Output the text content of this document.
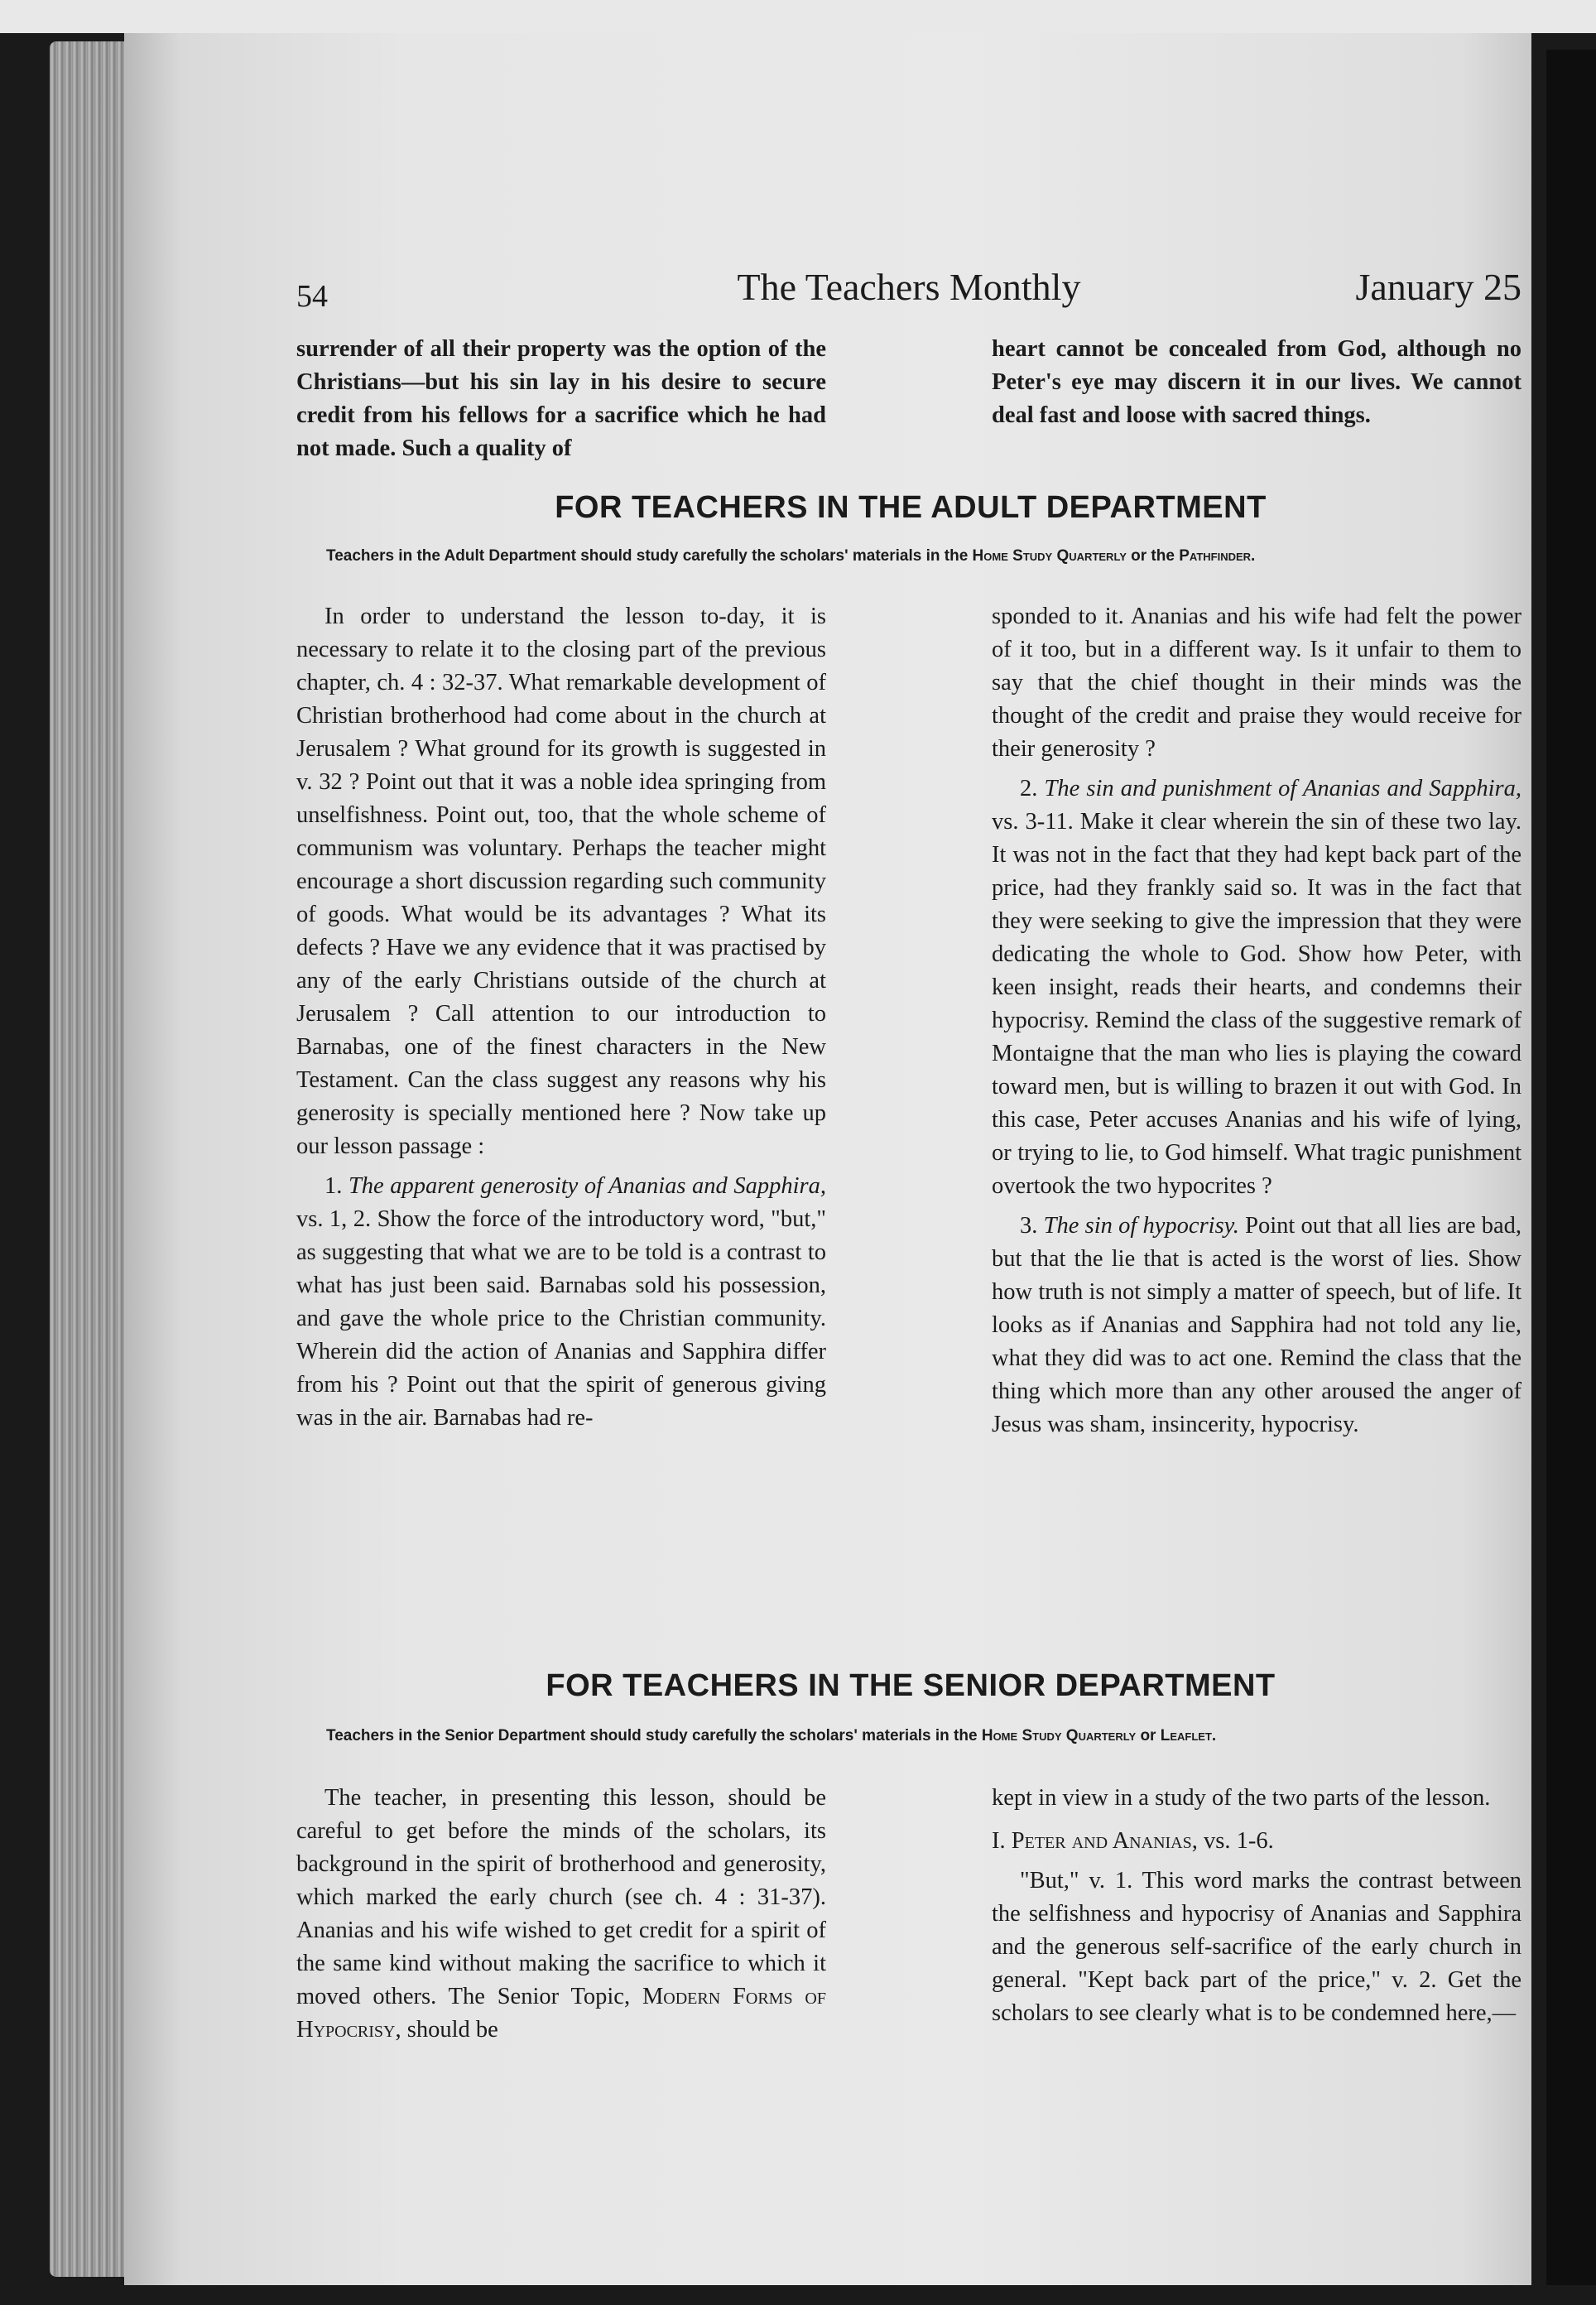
54	The Teachers Monthly	January 25

surrender of all their property was the option of the Christians—but his sin lay in his desire to secure credit from his fellows for a sacrifice which he had not made. Such a quality of

heart cannot be concealed from God, although no Peter's eye may discern it in our lives. We cannot deal fast and loose with sacred things.

FOR TEACHERS IN THE ADULT DEPARTMENT
Teachers in the Adult Department should study carefully the scholars' materials in the Home Study Quarterly or the Pathfinder.

In order to understand the lesson to-day, it is necessary to relate it to the closing part of the previous chapter, ch. 4 : 32-37. What remarkable development of Christian brotherhood had come about in the church at Jerusalem ? What ground for its growth is suggested in v. 32 ? Point out that it was a noble idea springing from unselfishness. Point out, too, that the whole scheme of communism was voluntary. Perhaps the teacher might encourage a short discussion regarding such community of goods. What would be its advantages ? What its defects ? Have we any evidence that it was practised by any of the early Christians outside of the church at Jerusalem ? Call attention to our introduction to Barnabas, one of the finest characters in the New Testament. Can the class suggest any reasons why his generosity is specially mentioned here ? Now take up our lesson passage :

1. The apparent generosity of Ananias and Sapphira, vs. 1, 2. Show the force of the introductory word, "but," as suggesting that what we are to be told is a contrast to what has just been said. Barnabas sold his possession, and gave the whole price to the Christian community. Wherein did the action of Ananias and Sapphira differ from his ? Point out that the spirit of generous giving was in the air. Barnabas had re-

sponded to it. Ananias and his wife had felt the power of it too, but in a different way. Is it unfair to them to say that the chief thought in their minds was the thought of the credit and praise they would receive for their generosity ?

2. The sin and punishment of Ananias and Sapphira, vs. 3-11. Make it clear wherein the sin of these two lay. It was not in the fact that they had kept back part of the price, had they frankly said so. It was in the fact that they were seeking to give the impression that they were dedicating the whole to God. Show how Peter, with keen insight, reads their hearts, and condemns their hypocrisy. Remind the class of the suggestive remark of Montaigne that the man who lies is playing the coward toward men, but is willing to brazen it out with God. In this case, Peter accuses Ananias and his wife of lying, or trying to lie, to God himself. What tragic punishment overtook the two hypocrites ?

3. The sin of hypocrisy. Point out that all lies are bad, but that the lie that is acted is the worst of lies. Show how truth is not simply a matter of speech, but of life. It looks as if Ananias and Sapphira had not told any lie, what they did was to act one. Remind the class that the thing which more than any other aroused the anger of Jesus was sham, insincerity, hypocrisy.

FOR TEACHERS IN THE SENIOR DEPARTMENT
Teachers in the Senior Department should study carefully the scholars' materials in the Home Study Quarterly or Leaflet.

The teacher, in presenting this lesson, should be careful to get before the minds of the scholars, its background in the spirit of brotherhood and generosity, which marked the early church (see ch. 4 : 31-37). Ananias and his wife wished to get credit for a spirit of the same kind without making the sacrifice to which it moved others. The Senior Topic, Modern Forms of Hypocrisy, should be

kept in view in a study of the two parts of the lesson.

I. Peter and Ananias, vs. 1-6.

"But," v. 1. This word marks the contrast between the selfishness and hypocrisy of Ananias and Sapphira and the generous self-sacrifice of the early church in general. "Kept back part of the price," v. 2. Get the scholars to see clearly what is to be condemned here,—
